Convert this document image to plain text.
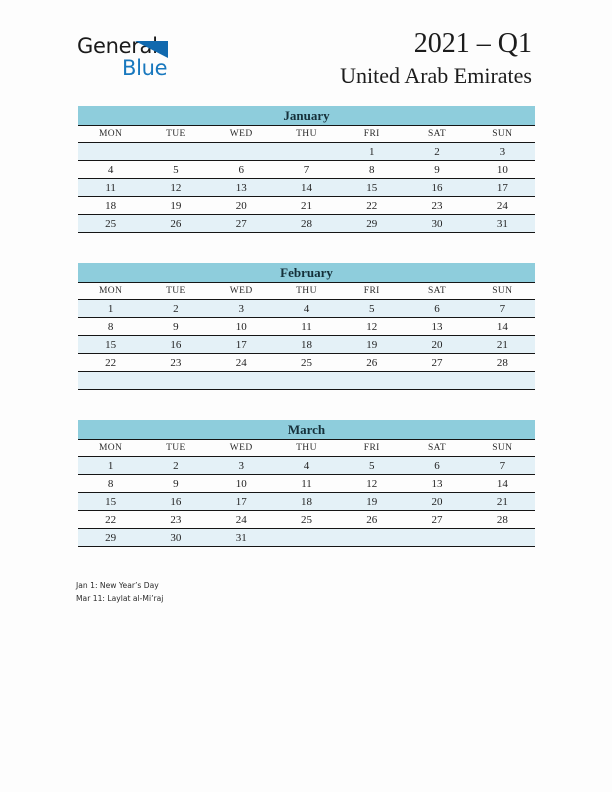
General
Blue
2021 – Q1
United Arab Emirates
January
MON	TUE	WED	THU	FRI	SAT	SUN
				1	2	3
4	5	6	7	8	9	10
11	12	13	14	15	16	17
18	19	20	21	22	23	24
25	26	27	28	29	30	31
February
MON	TUE	WED	THU	FRI	SAT	SUN
1	2	3	4	5	6	7
8	9	10	11	12	13	14
15	16	17	18	19	20	21
22	23	24	25	26	27	28

March
MON	TUE	WED	THU	FRI	SAT	SUN
1	2	3	4	5	6	7
8	9	10	11	12	13	14
15	16	17	18	19	20	21
22	23	24	25	26	27	28
29	30	31				
Jan 1: New Year’s Day
Mar 11: Laylat al-Mi’raj
